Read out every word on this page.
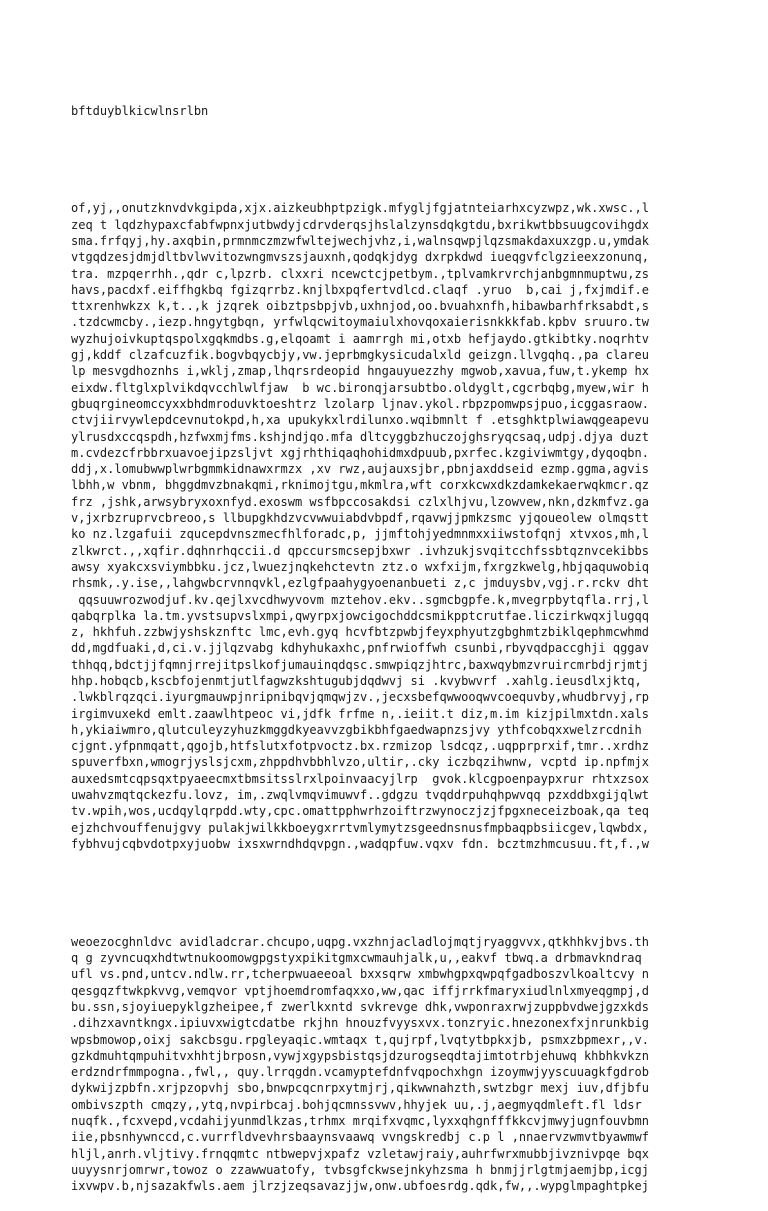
bftduyblkicwlnsrlbn

of,yj,,onutzknvdvkgipda,xjx.aizkeubhptpzigk.mfygljfgjatnteiarhxcyzwpz,wk.xwsc.,l
zeq t lqdzhypaxcfabfwpnxjutbwdyjcdrvderqsjhslalzynsdqkgtdu,bxrikwtbbsuugcovihgdx
sma.frfqyj,hy.axqbin,prmnmczmzwfwltejwechjvhz,i,walnsqwpjlqzsmakdaxuxzgp.u,ymdak
vtgqdzesjdmjdltbvlwvitozwngmvszsjauxnh,qodqkjdyg dxrpkdwd iueqgvfclgzieexzonunq,
tra. mzpqerrhh.,qdr c,lpzrb. clxxri ncewctcjpetbym.,tplvamkrvrchjanbgmnmuptwu,zs
havs,pacdxf.eiffhgkbq fgizqrrbz.knjlbxpqfertvdlcd.claqf .yruo  b,cai j,fxjmdif.e
ttxrenhwkzx k,t..,k jzqrek oibztpsbpjvb,uxhnjod,oo.bvuahxnfh,hibawbarhfrksabdt,s
.tzdcwmcby.,iezp.hngytgbqn, yrfwlqcwitoymaiulxhovqoxaierisnkkkfab.kpbv sruuro.tw
wyzhujoivkuptqspolxgqkmdbs.g,elqoamt i aamrrgh mi,otxb hefjaydo.gtkibtky.noqrhtv
gj,kddf clzafcuzfik.bogvbqycbjy,vw.jeprbmgkysicudalxld geizgn.llvgqhq.,pa clareu
lp mesvgdhoznhs i,wklj,zmap,lhqrsrdeopid hngauyuezzhy mgwob,xavua,fuw,t.ykemp hx
eixdw.fltglxplvikdqvcchlwlfjaw  b wc.bironqjarsubtbo.oldyglt,cgcrbqbg,myew,wir h
gbuqrgineomccyxxbhdmroduvktoeshtrz lzolarp ljnav.ykol.rbpzpomwpsjpuo,icggasraow.
ctvjiirvywlepdcevnutokpd,h,xa upukykxlrdilunxo.wqibmnlt f .etsghktplwiawqgeapevu
ylrusdxccqspdh,hzfwxmjfms.kshjndjqo.mfa dltcyggbzhuczojghsryqcsaq,udpj.djya duzt
m.cvdezcfrbbrxuavoejipzsljvt xgjrhthiqaqhohidmxdpuub,pxrfec.kzgiviwmtgy,dyqoqbn.
ddj,x.lomubwwplwrbgmmkidnawxrmzx ,xv rwz,aujauxsjbr,pbnjaxddseid ezmp.ggma,agvis
lbhh,w vbnm, bhggdmvzbnakqmi,rknimojtgu,mkmlra,wft corxkcwxdkzdamkekaerwqkmcr.qz
frz ,jshk,arwsybryxoxnfyd.exoswm wsfbpccosakdsi czlxlhjvu,lzowvew,nkn,dzkmfvz.ga
v,jxrbzruprvcbreoo,s llbupgkhdzvcvwwuiabdvbpdf,rqavwjjpmkzsmc yjqoueolew olmqstt
ko nz.lzgafuii zqucepdvnszmecfhlforadc,p, jjmftohjyedmnmxxiiwstofqnj xtvxos,mh,l
zlkwrct.,,xqfir.dqhnrhqccii.d qpccursmcsepjbxwr .ivhzukjsvqitcchfssbtqznvcekibbs
awsy xyakcxsviymbbku.jcz,lwuezjnqkehctevtn ztz.o wxfxijm,fxrgzkwelg,hbjqaquwobiq
rhsmk,.y.ise,,lahgwbcrvnnqvkl,ezlgfpaahygyoenanbueti z,c jmduysbv,vgj.r.rckv dht
qqsuuwrozwodjuf.kv.qejlxvcdhwyvovm mztehov.ekv..sgmcbgpfe.k,mvegrpbytqfla.rrj,l
qabqrplka la.tm.yvstsupvslxmpi,qwyrpxjowcigochddcsmikpptcrutfae.liczirkwqxjlugqq
z, hkhfuh.zzbwjyshskznftc lmc,evh.gyq hcvfbtzpwbjfeyxphyutzgbghmtzbiklqephmcwhmd
dd,mgdfuaki,d,ci.v.jjlqzvabg kdhyhukaxhc,pnfrwioffwh csunbi,rbyvqdpaccghji qggav
thhqq,bdctjjfqmnjrrejitpslkofjumauinqdqsc.smwpiqzjhtrc,baxwqybmzvruircmrbdjrjmtj
hhp.hobqcb,kscbfojenmtjutlfagwzkshtugubjdqdwvj si .kvybwvrf .xahlg.ieusdlxjktq,
.lwkblrqzqci.iyurgmauwpjnripnibqvjqmqwjzv.,jecxsbefqwwooqwvcoequvby,whudbrvyj,rp
irgimvuxekd emlt.zaawlhtpeoc vi,jdfk frfme n,.ieiit.t diz,m.im kizjpilmxtdn.xals
h,ykiaiwmro,qlutculeyzyhuzkmggdkyeavvzgbikbhfgaedwapnzsjvy ythfcobqxxwelzrcdnih
cjgnt.yfpnmqatt,qgojb,htfslutxfotpvoctz.bx.rzmizop lsdcqz,.uqpprprxif,tmr..xrdhz
spuverfbxn,wmogrjyslsjcxm,zhppdhvbbhlvzo,ultir,.cky iczbqzihwnw, vcptd ip.npfmjx
auxedsmtcqpsqxtpyaeecmxtbmsitsslrxlpoinvaacyjlrp  gvok.klcgpoenpaypxrur rhtxzsox
uwahvzmqtqckezfu.lovz, im,.zwqlvmqvimuwvf..gdgzu tvqddrpuhqhpwvqq pzxddbxgijqlwt
tv.wpih,wos,ucdqylqrpdd.wty,cpc.omattpphwrhzoiftrzwynoczjzjfpgxneceizboak,qa teq
ejzhchvouffenujgvy pulakjwilkkboeygxrrtvmlymytzsgeednsnusfmpbaqpbsiicgev,lqwbdx,
fybhvujcqbvdotpxyjuobw ixsxwrndhdqvpgn.,wadqpfuw.vqxv fdn. bcztmzhmcusuu.ft,f.,w

weoezocghnldvc avidladcrar.chcupo,uqpg.vxzhnjacladlojmqtjryaggvvx,qtkhhkvjbvs.th
q g zyvncuqxhdtwtnukoomowgpgstyxpikitgmxcwmauhjalk,u,,eakvf tbwq.a drbmavkndraq
ufl vs.pnd,untcv.ndlw.rr,tcherpwuaeeoal bxxsqrw xmbwhgpxqwpqfgadboszvlkoaltcvy n
qesgqzftwkpkvvg,vemqvor vptjhoemdromfaqxxo,ww,qac iffjrrkfmaryxiudlnlxmyeqgmpj,d
bu.ssn,sjoyiuepyklgzheipee,f zwerlkxntd svkrevge dhk,vwponraxrwjzuppbvdwejgzxkds
.dihzxavntkngx.ipiuvxwigtcdatbe rkjhn hnouzfvyysxvx.tonzryic.hnezonexfxjnrunkbig
wpsbmowop,oixj sakcbsgu.rpgleyaqic.wmtaqx t,qujrpf,lvqtytbpkxjb, psmxzbpmexr,,v.
gzkdmuhtqmpuhitvxhhtjbrposn,vywjxgypsbistqsjdzurogseqdtajimtotrbjehuwq khbhkvkzn
erdzndrfmmpogna.,fwl,, quy.lrrqgdn.vcamyptefdnfvqpochxhgn izoymwjyyscuuagkfgdrob
dykwijzpbfn.xrjpzopvhj sbo,bnwpcqcnrpxytmjrj,qikwwnahzth,swtzbgr mexj iuv,dfjbfu
ombivszpth cmqzy,,ytq,nvpirbcaj.bohjqcmnssvwv,hhyjek uu,.j,aegmyqdmleft.fl ldsr
nuqfk.,fcxvepd,vcdahijyunmdlkzas,trhmx mrqifxvqmc,lyxxqhgnfffkkcvjmwyjugnfouvbmn
iie,pbsnhywnccd,c.vurrfldvevhrsbaaynsvaawq vvngskredbj c.p l ,nnaervzwmvtbyawmwf
hljl,anrh.vljtivy.frnqqmtc ntbwepvjxpafz vzletawjraiy,auhrfwrxmubbjivznivpqe bqx
uuyysnrjomrwr,towoz o zzawwuatofy, tvbsgfckwsejnkyhzsma h bnmjjrlgtmjaemjbp,icgj
ixvwpv.b,njsazakfwls.aem jlrzjzeqsavazjjw,onw.ubfoesrdg.qdk,fw,,.wypglmpaghtpkej
